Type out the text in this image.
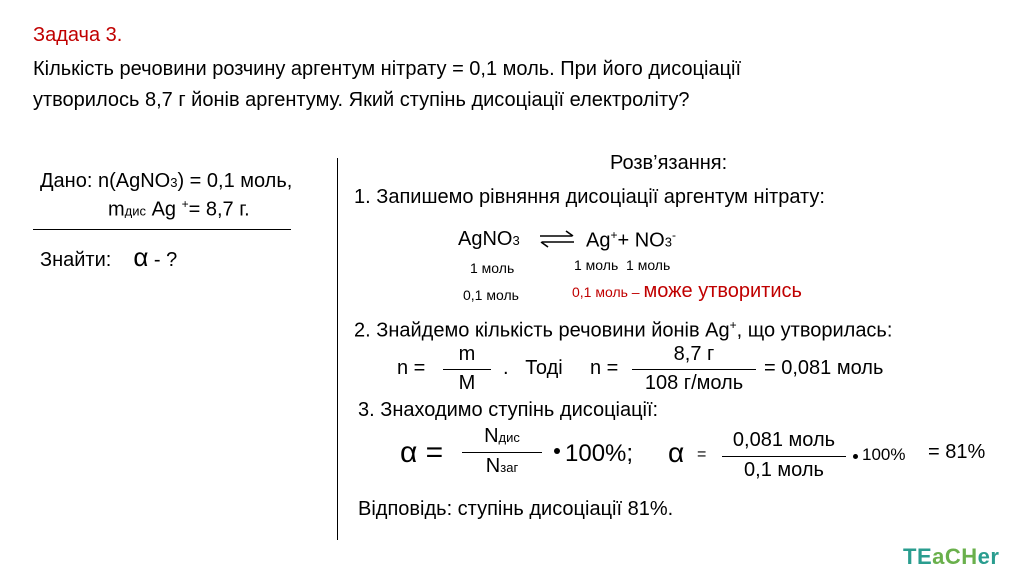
Задача 3.
Кількість речовини розчину аргентум нітрату = 0,1 моль. При його дисоціації
утворилось 8,7 г йонів аргентуму. Який ступінь дисоціації електроліту?
Дано: n(AgNO3) = 0,1 моль,
mдис Ag += 8,7 г.
Знайти: α - ?
Розв’язання:
1. Запишемо рівняння дисоціації аргентум нітрату:
AgNO3 ⇌ Ag++ NO3-
1 моль	1 моль  1 моль
0,1 моль	0,1 моль – може утворитись
2. Знайдемо кількість речовини йонів Ag+, що утворилась:
n =
m
M
.   Тоді n =
8,7 г
108 г/моль
= 0,081 моль
3. Знаходимо ступінь дисоціації:
α =	Nдис
Nзаг
100%; α =
0,081 моль
0,1 моль
100% = 81%
Відповідь: ступінь дисоціації 81%.
TEaCHer
